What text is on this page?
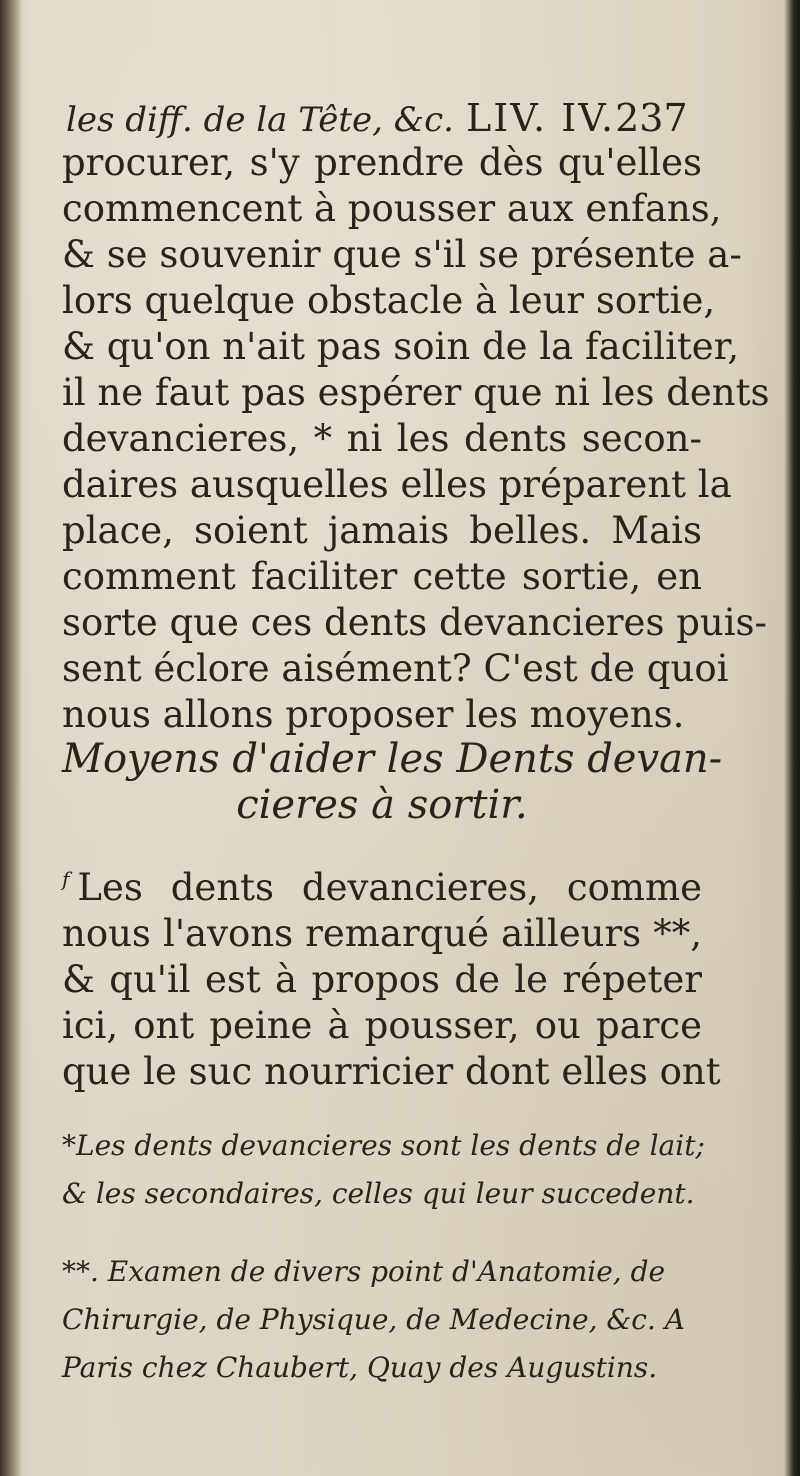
les diff. de la Tête, &c. LIV. IV.237
procurer, s'y prendre dès qu'elles
commencent à pousser aux enfans,
& se souvenir que s'il se présente a-
lors quelque obstacle à leur sortie,
& qu'on n'ait pas soin de la faciliter,
il ne faut pas espérer que ni les dents
devancieres, * ni les dents secon-
daires ausquelles elles préparent la
place, soient jamais belles. Mais
comment faciliter cette sortie, en
sorte que ces dents devancieres puis-
sent éclore aisément? C'est de quoi
nous allons proposer les moyens.
Moyens d'aider les Dents devan-
cieres à sortir.
$^f$ Les dents devancieres, comme
nous l'avons remarqué ailleurs **,
& qu'il est à propos de le répeter
ici, ont peine à pousser, ou parce
que le suc nourricier dont elles ont
*Les dents devancieres sont les dents de lait;
& les secondaires, celles qui leur succedent.
**. Examen de divers point d'Anatomie, de
Chirurgie, de Physique, de Medecine, &c. A
Paris chez Chaubert, Quay des Augustins.
